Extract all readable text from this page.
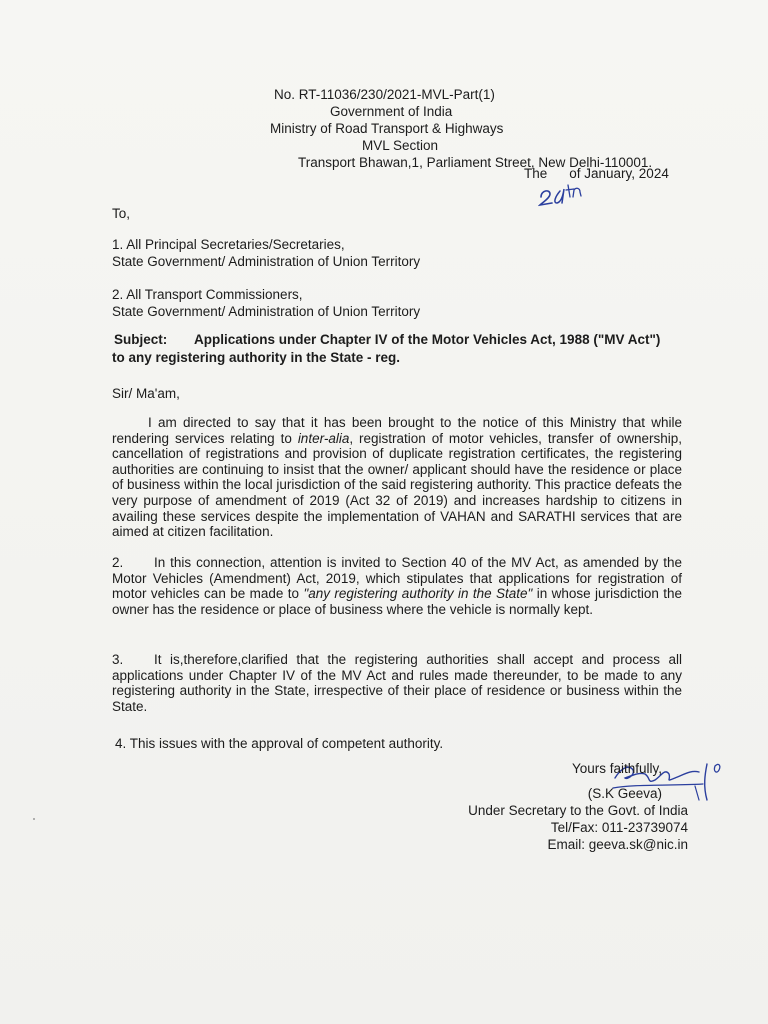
No. RT-11036/230/2021-MVL-Part(1)
Government of India
Ministry of Road Transport & Highways
MVL Section
Transport Bhawan,1, Parliament Street, New Delhi-110001.
The of January, 2024
To,
1. All Principal Secretaries/Secretaries,
State Government/ Administration of Union Territory
2. All Transport Commissioners,
State Government/ Administration of Union Territory
Subject: Applications under Chapter IV of the Motor Vehicles Act, 1988 ("MV Act") to any registering authority in the State - reg.
Sir/ Ma'am,
I am directed to say that it has been brought to the notice of this Ministry that while rendering services relating to inter-alia, registration of motor vehicles, transfer of ownership, cancellation of registrations and provision of duplicate registration certificates, the registering authorities are continuing to insist that the owner/ applicant should have the residence or place of business within the local jurisdiction of the said registering authority. This practice defeats the very purpose of amendment of 2019 (Act 32 of 2019) and increases hardship to citizens in availing these services despite the implementation of VAHAN and SARATHI services that are aimed at citizen facilitation.
2. In this connection, attention is invited to Section 40 of the MV Act, as amended by the Motor Vehicles (Amendment) Act, 2019, which stipulates that applications for registration of motor vehicles can be made to "any registering authority in the State" in whose jurisdiction the owner has the residence or place of business where the vehicle is normally kept.
3. It is,therefore,clarified that the registering authorities shall accept and process all applications under Chapter IV of the MV Act and rules made thereunder, to be made to any registering authority in the State, irrespective of their place of residence or business within the State.
4. This issues with the approval of competent authority.
Yours faithfully,
(S.K Geeva)
Under Secretary to the Govt. of India
Tel/Fax: 011-23739074
Email: geeva.sk@nic.in
